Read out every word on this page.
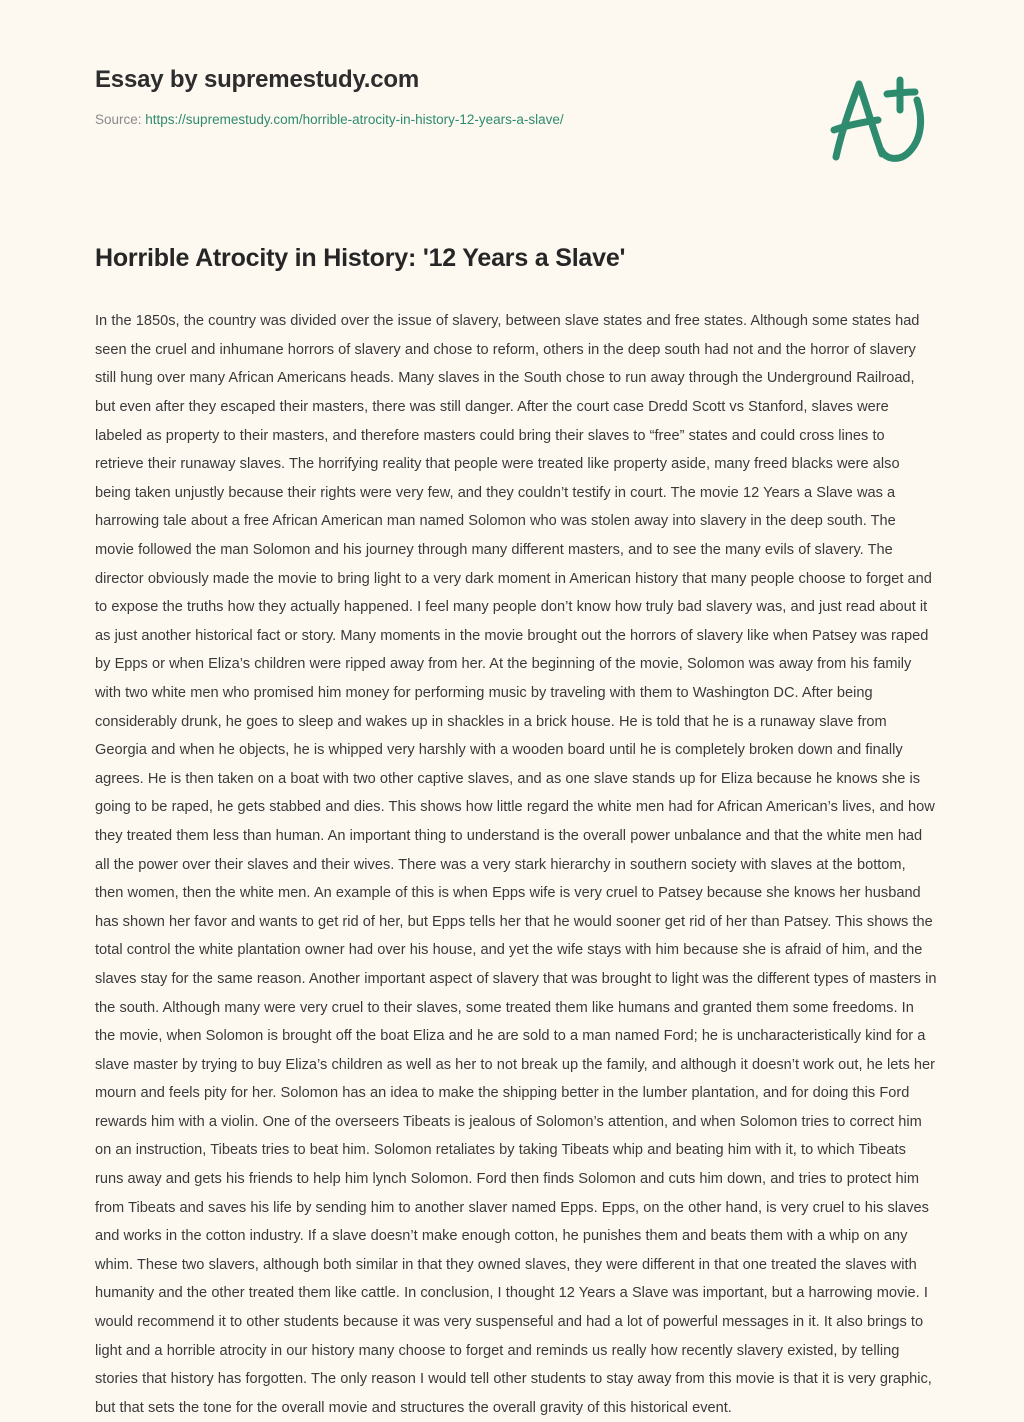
Essay by supremestudy.com
Source: https://supremestudy.com/horrible-atrocity-in-history-12-years-a-slave/
Horrible Atrocity in History: '12 Years a Slave'

In the 1850s, the country was divided over the issue of slavery, between slave states and free states. Although some states had seen the cruel and inhumane horrors of slavery and chose to reform, others in the deep south had not and the horror of slavery still hung over many African Americans heads. Many slaves in the South chose to run away through the Underground Railroad, but even after they escaped their masters, there was still danger. After the court case Dredd Scott vs Stanford, slaves were labeled as property to their masters, and therefore masters could bring their slaves to “free” states and could cross lines to retrieve their runaway slaves. The horrifying reality that people were treated like property aside, many freed blacks were also being taken unjustly because their rights were very few, and they couldn’t testify in court. The movie 12 Years a Slave was a harrowing tale about a free African American man named Solomon who was stolen away into slavery in the deep south. The movie followed the man Solomon and his journey through many different masters, and to see the many evils of slavery. The director obviously made the movie to bring light to a very dark moment in American history that many people choose to forget and to expose the truths how they actually happened. I feel many people don’t know how truly bad slavery was, and just read about it as just another historical fact or story. Many moments in the movie brought out the horrors of slavery like when Patsey was raped by Epps or when Eliza’s children were ripped away from her. At the beginning of the movie, Solomon was away from his family with two white men who promised him money for performing music by traveling with them to Washington DC. After being considerably drunk, he goes to sleep and wakes up in shackles in a brick house. He is told that he is a runaway slave from Georgia and when he objects, he is whipped very harshly with a wooden board until he is completely broken down and finally agrees. He is then taken on a boat with two other captive slaves, and as one slave stands up for Eliza because he knows she is going to be raped, he gets stabbed and dies. This shows how little regard the white men had for African American’s lives, and how they treated them less than human. An important thing to understand is the overall power unbalance and that the white men had all the power over their slaves and their wives. There was a very stark hierarchy in southern society with slaves at the bottom, then women, then the white men. An example of this is when Epps wife is very cruel to Patsey because she knows her husband has shown her favor and wants to get rid of her, but Epps tells her that he would sooner get rid of her than Patsey. This shows the total control the white plantation owner had over his house, and yet the wife stays with him because she is afraid of him, and the slaves stay for the same reason. Another important aspect of slavery that was brought to light was the different types of masters in the south. Although many were very cruel to their slaves, some treated them like humans and granted them some freedoms. In the movie, when Solomon is brought off the boat Eliza and he are sold to a man named Ford; he is uncharacteristically kind for a slave master by trying to buy Eliza’s children as well as her to not break up the family, and although it doesn’t work out, he lets her mourn and feels pity for her. Solomon has an idea to make the shipping better in the lumber plantation, and for doing this Ford rewards him with a violin. One of the overseers Tibeats is jealous of Solomon’s attention, and when Solomon tries to correct him on an instruction, Tibeats tries to beat him. Solomon retaliates by taking Tibeats whip and beating him with it, to which Tibeats runs away and gets his friends to help him lynch Solomon. Ford then finds Solomon and cuts him down, and tries to protect him from Tibeats and saves his life by sending him to another slaver named Epps. Epps, on the other hand, is very cruel to his slaves and works in the cotton industry. If a slave doesn’t make enough cotton, he punishes them and beats them with a whip on any whim. These two slavers, although both similar in that they owned slaves, they were different in that one treated the slaves with humanity and the other treated them like cattle. In conclusion, I thought 12 Years a Slave was important, but a harrowing movie. I would recommend it to other students because it was very suspenseful and had a lot of powerful messages in it. It also brings to light and a horrible atrocity in our history many choose to forget and reminds us really how recently slavery existed, by telling stories that history has forgotten. The only reason I would tell other students to stay away from this movie is that it is very graphic, but that sets the tone for the overall movie and structures the overall gravity of this historical event.
